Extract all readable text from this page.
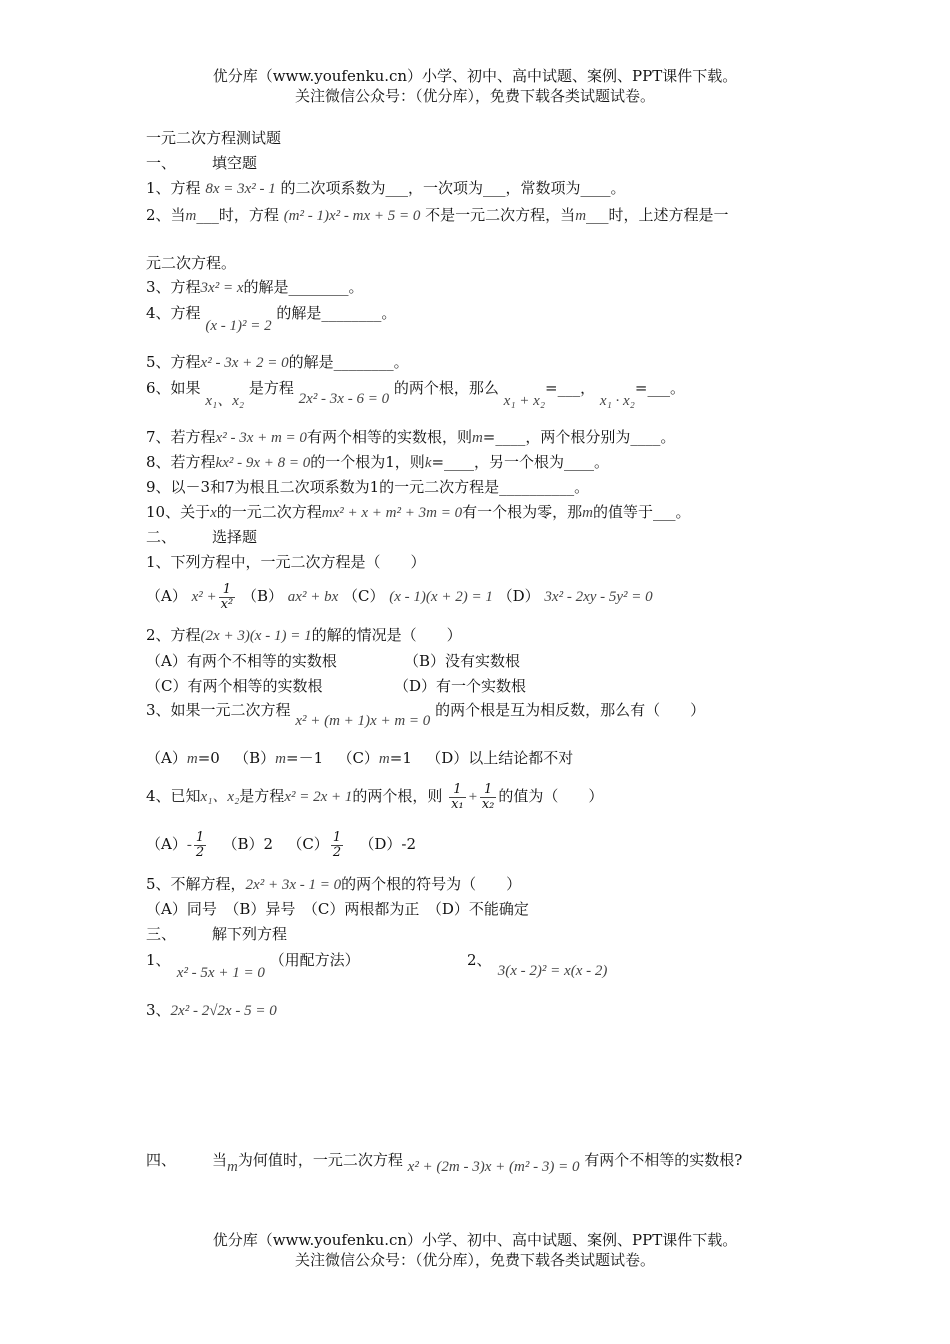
优分库（www.youfenku.cn）小学、初中、高中试题、案例、PPT课件下载。
关注微信公众号：（优分库），免费下载各类试题试卷。
一元二次方程测试题
一、 填空题
1、方程 8x = 3x² - 1 的二次项系数为___，一次项为___，常数项为____。
2、当m___时，方程 (m² - 1)x² - mx + 5 = 0 不是一元二次方程，当m___时，上述方程是一
元二次方程。
3、方程3x² = x的解是________。
4、方程 (x - 1)² = 2 的解是________。
5、方程x² - 3x + 2 = 0的解是________。
6、如果 x₁、x₂ 是方程 2x² - 3x - 6 = 0 的两个根，那么 x₁ + x₂=___， x₁ · x₂=___。
7、若方程x² - 3x + m = 0有两个相等的实数根，则m=____，两个根分别为____。
8、若方程kx² - 9x + 8 = 0的一个根为1，则k=____，另一个根为____。
9、以－3和7为根且二次项系数为1的一元二次方程是__________。
10、关于x的一元二次方程mx² + x + m² + 3m = 0有一个根为零，那m的值等于___。
二、 选择题
1、下列方程中，一元二次方程是（　　）
（A） $x^2 + \frac{1}{\text{x²}} (B) ax^2$ + bx （C） (x - 1)(x + 2) = 1 （D） 3x² - 2xy - 5y² = 0
2、方程(2x + 3)(x - 1) = 1的解的情况是（　　）
（A）有两个不相等的实数根	（B）没有实数根
（C）有两个相等的实数根	（D）有一个实数根
3、如果一元二次方程 x² + (m + 1)x + m = 0 的两个根是互为相反数，那么有（　　）
（A）m=0 （B）m=－1 （C）m=1 （D）以上结论都不对
4、已知x₁、x₂是方程x² = 2x + 1的两个根，则 $\frac{1}{\text{x₁}} + \frac{1}{\text{x₂}}$ 的值为（　　）
$(A)- \frac{1}{2} (B)2$ $(C) \frac{1}{2} (D)-2$
5、不解方程，2x² + 3x - 1 = 0的两个根的符号为（　　）
（A）同号　（B）异号　（C）两根都为正　（D）不能确定
三、 解下列方程
1、 x² - 5x + 1 = 0 （用配方法）	2、 3(x - 2)² = x(x - 2)
3、2x² - 2√2x - 5 = 0
四、 当m为何值时，一元二次方程 x² + (2m - 3)x + (m² - 3) = 0 有两个不相等的实数根?
优分库（www.youfenku.cn）小学、初中、高中试题、案例、PPT课件下载。
关注微信公众号：（优分库），免费下载各类试题试卷。
